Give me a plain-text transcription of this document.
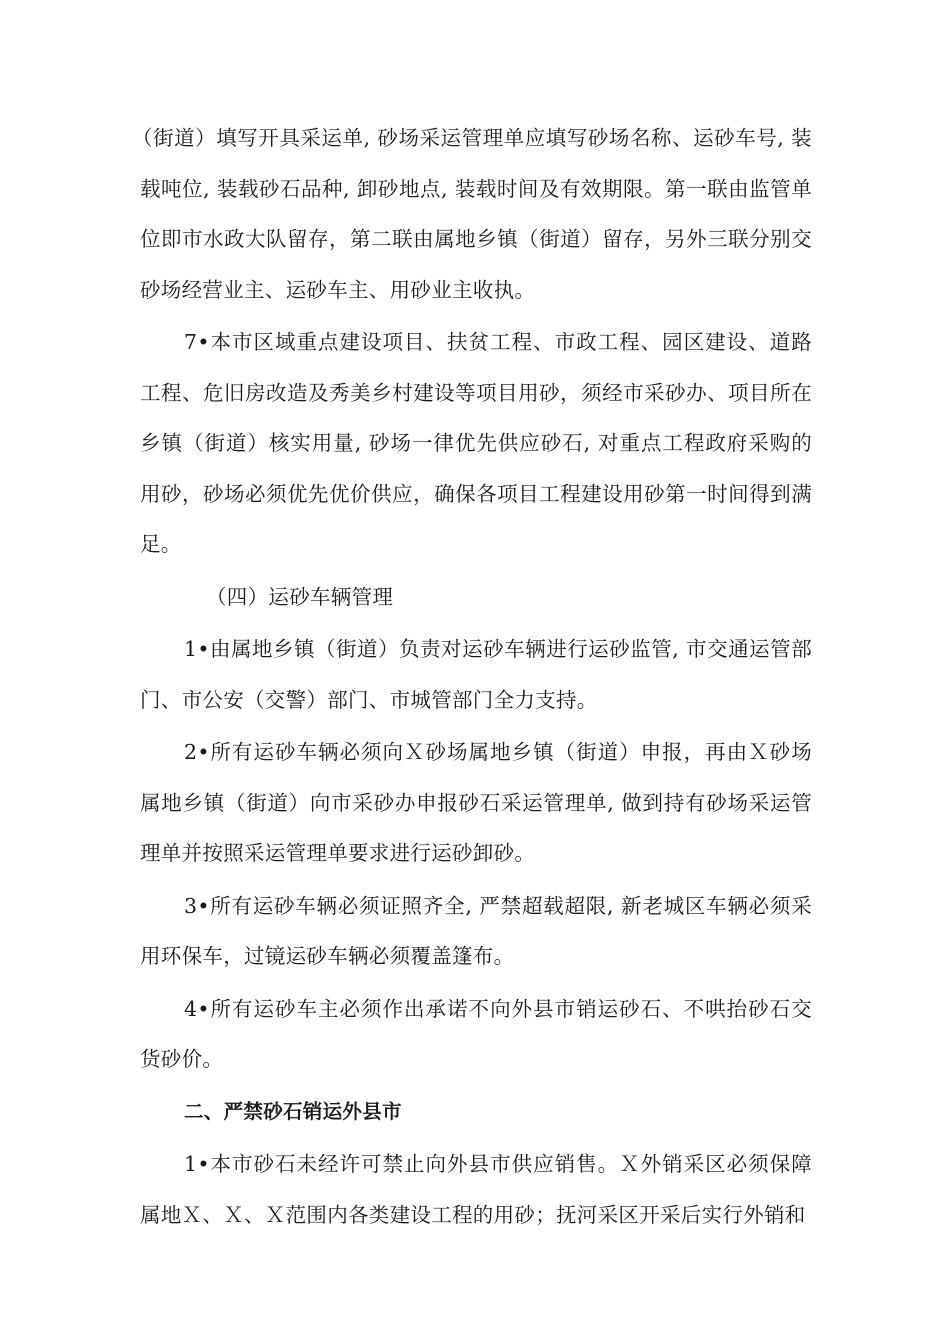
（街道）填写开具采运单, 砂场采运管理单应填写砂场名称、运砂车号, 装载吨位, 装载砂石品种, 卸砂地点, 装载时间及有效期限。第一联由监管单位即市水政大队留存，第二联由属地乡镇（街道）留存，另外三联分别交砂场经营业主、运砂车主、用砂业主收执。

7•本市区域重点建设项目、扶贫工程、市政工程、园区建设、道路工程、危旧房改造及秀美乡村建设等项目用砂，须经市采砂办、项目所在乡镇（街道）核实用量, 砂场一律优先供应砂石, 对重点工程政府采购的用砂，砂场必须优先优价供应，确保各项目工程建设用砂第一时间得到满足。

（四）运砂车辆管理

1•由属地乡镇（街道）负责对运砂车辆进行运砂监管, 市交通运管部门、市公安（交警）部门、市城管部门全力支持。

2•所有运砂车辆必须向Ｘ砂场属地乡镇（街道）申报，再由Ｘ砂场属地乡镇（街道）向市采砂办申报砂石采运管理单, 做到持有砂场采运管理单并按照采运管理单要求进行运砂卸砂。

3•所有运砂车辆必须证照齐全, 严禁超载超限, 新老城区车辆必须采用环保车，过镜运砂车辆必须覆盖篷布。

4•所有运砂车主必须作出承诺不向外县市销运砂石、不哄抬砂石交货砂价。

二、严禁砂石销运外县市

1•本市砂石未经许可禁止向外县市供应销售。Ｘ外销采区必须保障属地Ｘ、Ｘ、Ｘ范围内各类建设工程的用砂；抚河采区开采后实行外销和
